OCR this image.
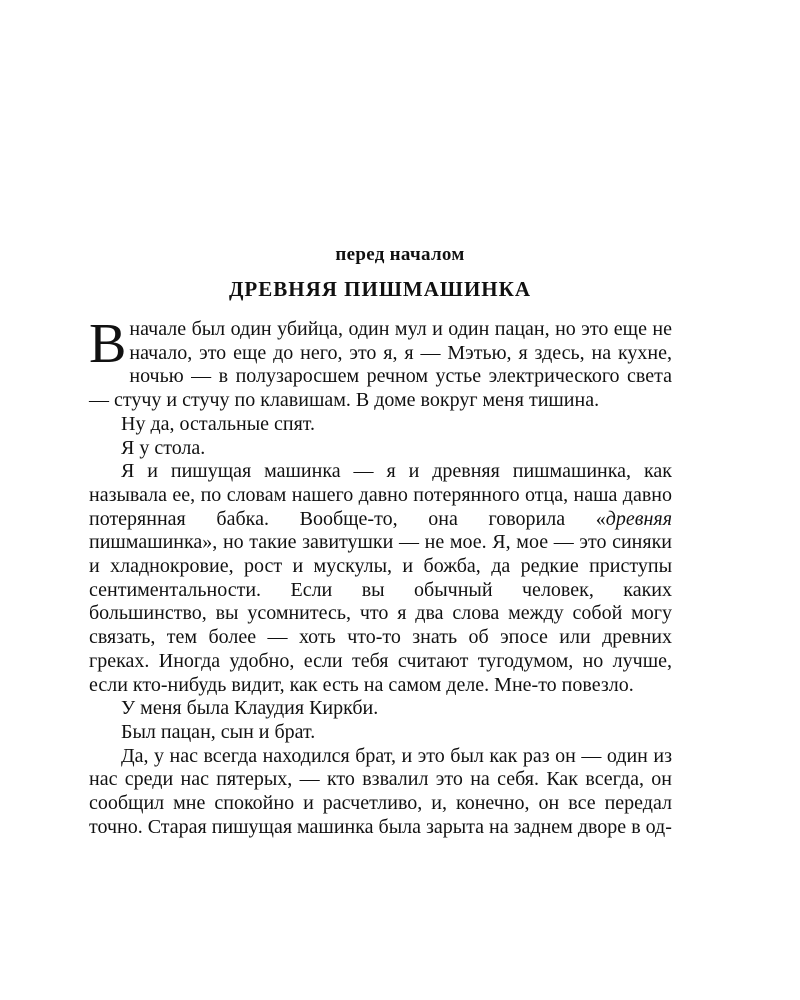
перед началом
ДРЕВНЯЯ ПИШМАШИНКА

Вначале был один убийца, один мул и один пацан, но это еще не начало, это еще до него, это я, я — Мэтью, я здесь, на кухне, ночью — в полузаросшем речном устье электрического света — стучу и стучу по клавишам. В доме вокруг меня тишина.

Ну да, остальные спят.

Я у стола.

Я и пишущая машинка — я и древняя пишмашинка, как называла ее, по словам нашего давно потерянного отца, наша давно потерянная бабка. Вообще-то, она говорила «древняя пишмашинка», но такие завитушки — не мое. Я, мое — это синяки и хладнокровие, рост и мускулы, и божба, да редкие приступы сентиментальности. Если вы обычный человек, каких большинство, вы усомнитесь, что я два слова между собой могу связать, тем более — хоть что-то знать об эпосе или древних греках. Иногда удобно, если тебя считают тугодумом, но лучше, если кто-нибудь видит, как есть на самом деле. Мне-то повезло.

У меня была Клаудия Киркби.

Был пацан, сын и брат.

Да, у нас всегда находился брат, и это был как раз он — один из нас среди нас пятерых, — кто взвалил это на себя. Как всегда, он сообщил мне спокойно и расчетливо, и, конечно, он все передал точно. Старая пишущая машинка была зарыта на заднем дворе в од-
